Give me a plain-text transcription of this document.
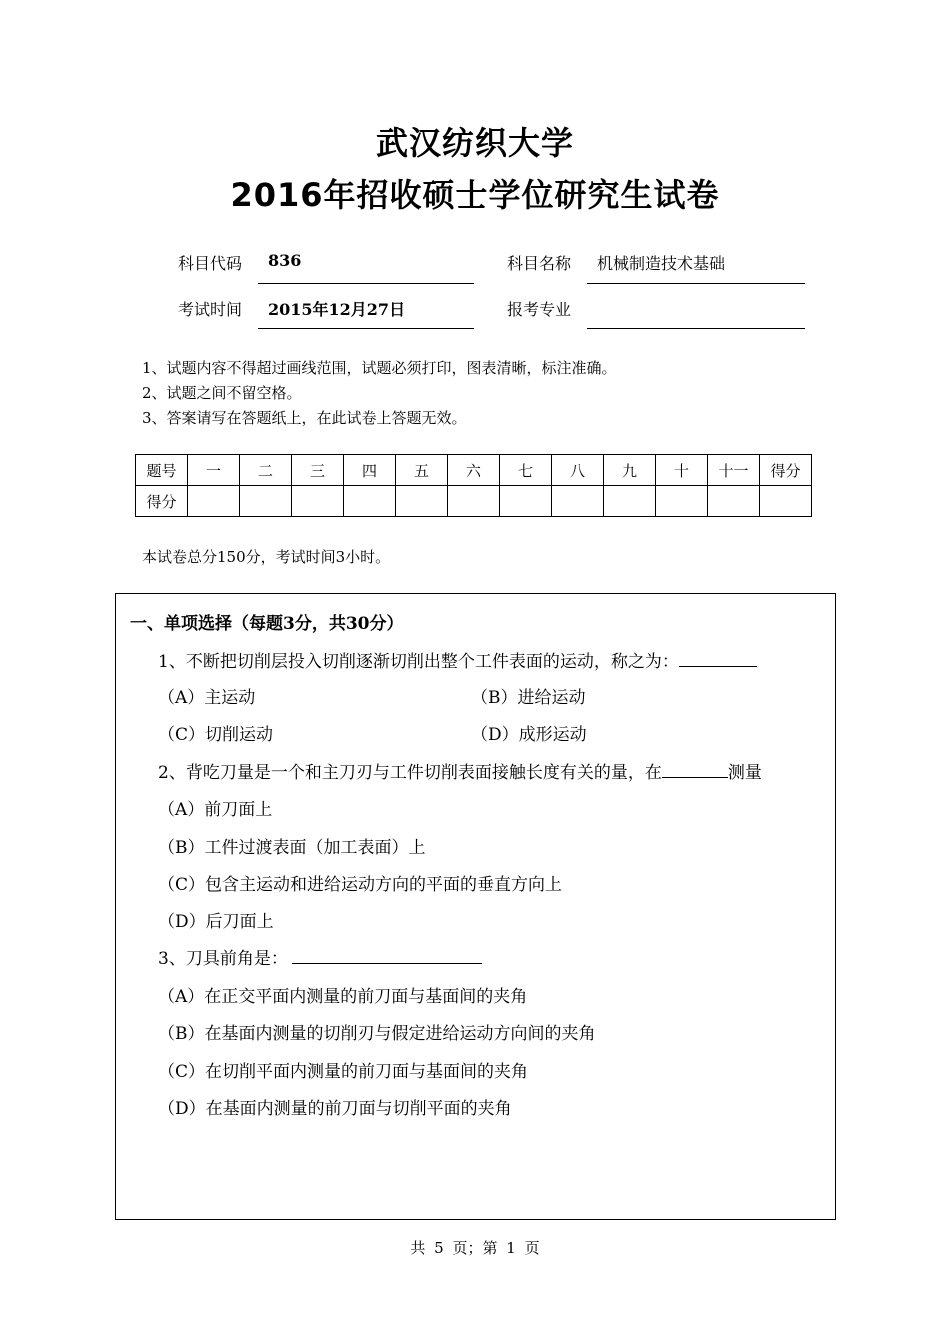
武汉纺织大学
2016年招收硕士学位研究生试卷
科目代码 836	科目名称 机械制造技术基础
考试时间 2015年12月27日	报考专业
1、试题内容不得超过画线范围，试题必须打印，图表清晰，标注准确。
2、试题之间不留空格。
3、答案请写在答题纸上，在此试卷上答题无效。
题号	一	二	三	四	五	六	七	八	九	十	十一	得分
得分												
本试卷总分150分，考试时间3小时。
一、单项选择（每题3分，共30分）
1、不断把切削层投入切削逐渐切削出整个工件表面的运动，称之为：
（A）主运动	（B）进给运动
（C）切削运动	（D）成形运动
2、背吃刀量是一个和主刀刃与工件切削表面接触长度有关的量，在	测量
（A）前刀面上
（B）工件过渡表面（加工表面）上
（C）包含主运动和进给运动方向的平面的垂直方向上
（D）后刀面上
3、刀具前角是：
（A）在正交平面内测量的前刀面与基面间的夹角
（B）在基面内测量的切削刃与假定进给运动方向间的夹角
（C）在切削平面内测量的前刀面与基面间的夹角
（D）在基面内测量的前刀面与切削平面的夹角
共 5 页；第 1 页
